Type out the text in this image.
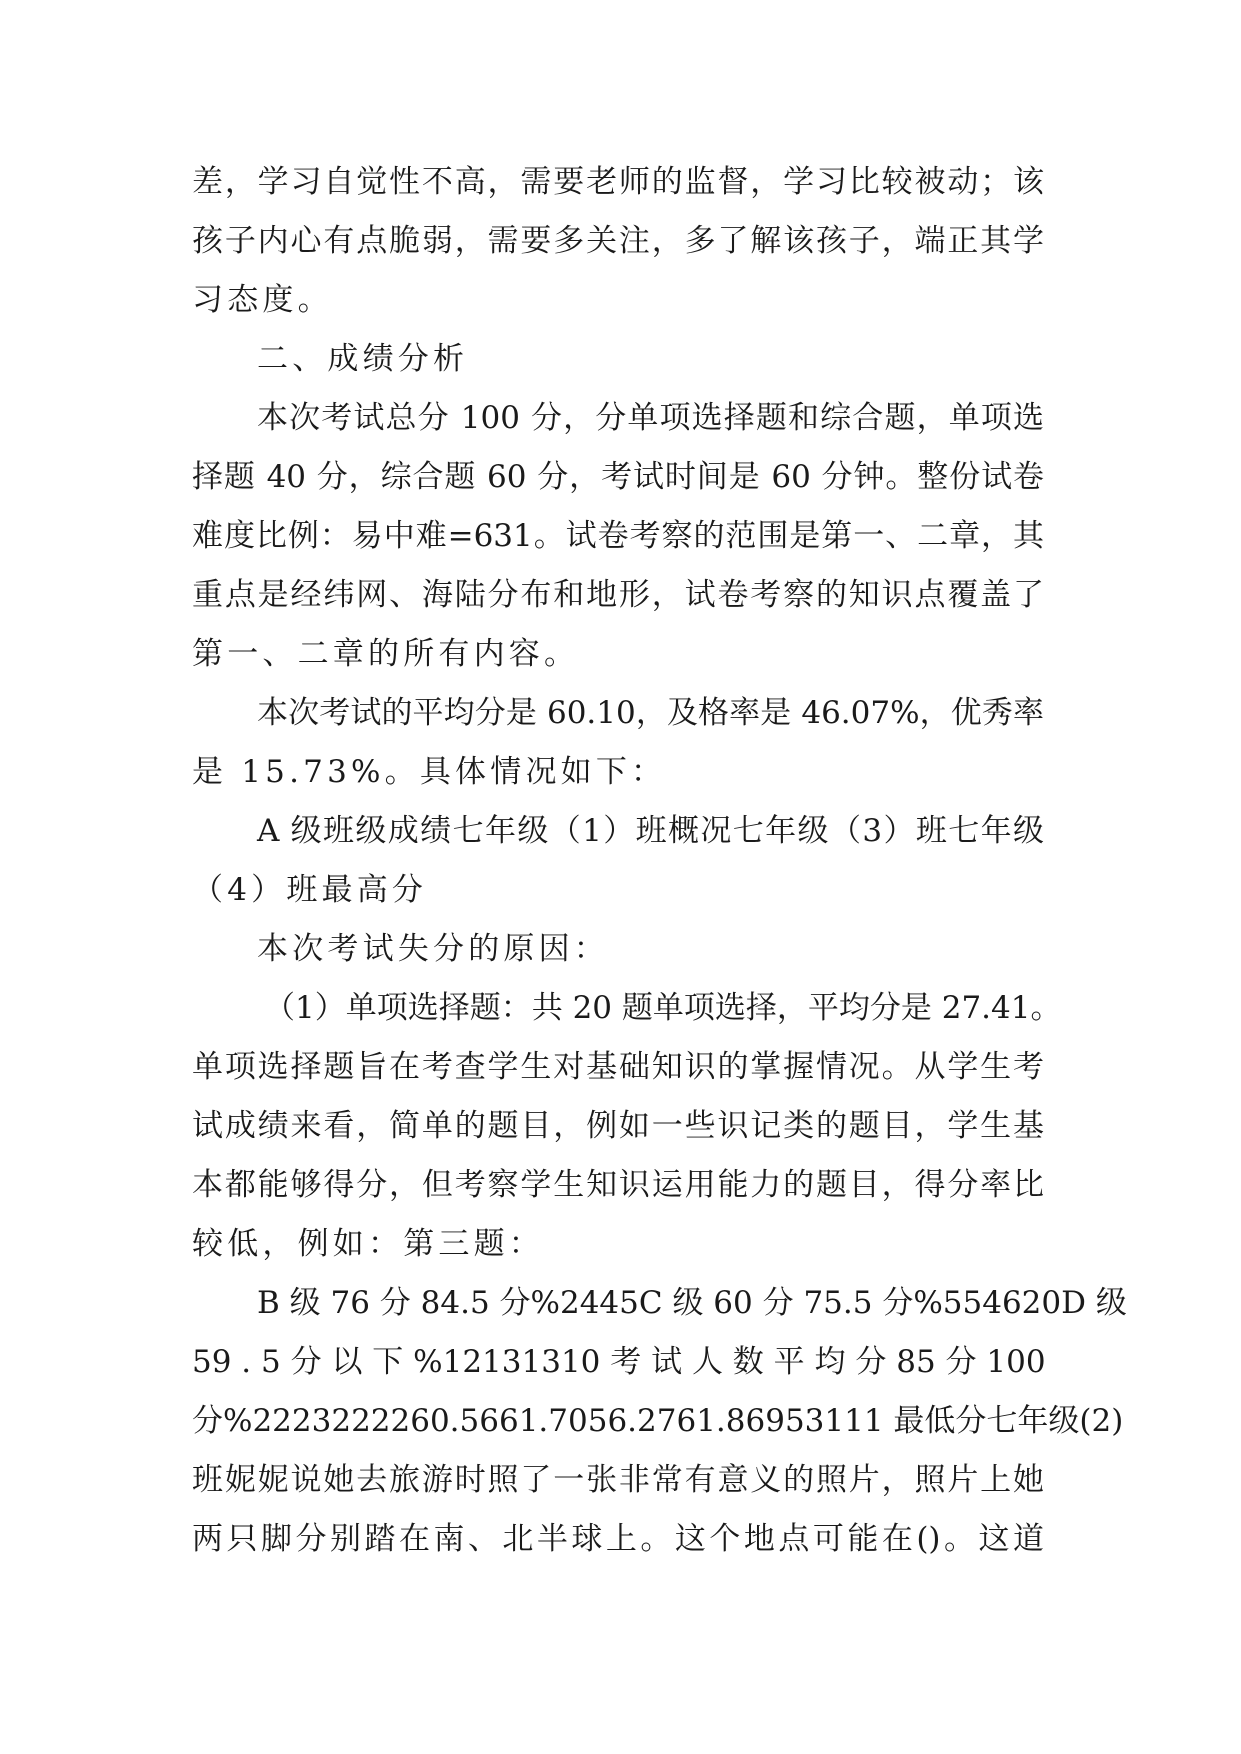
差，学习自觉性不高，需要老师的监督，学习比较被动；该
孩子内心有点脆弱，需要多关注，多了解该孩子，端正其学
习态度。
二、成绩分析
本次考试总分 100 分，分单项选择题和综合题，单项选
择题 40 分，综合题 60 分，考试时间是 60 分钟。整份试卷
难度比例：易中难=631。试卷考察的范围是第一、二章，其
重点是经纬网、海陆分布和地形，试卷考察的知识点覆盖了
第一、二章的所有内容。
本次考试的平均分是 60.10，及格率是 46.07%，优秀率
是 15.73%。具体情况如下：
A 级班级成绩七年级（1）班概况七年级（3）班七年级
（4）班最高分
本次考试失分的原因：
（1）单项选择题：共 20 题单项选择，平均分是 27.41。
单项选择题旨在考查学生对基础知识的掌握情况。从学生考
试成绩来看，简单的题目，例如一些识记类的题目，学生基
本都能够得分，但考察学生知识运用能力的题目，得分率比
较低，例如：第三题：
B 级 76 分 84.5 分%2445C 级 60 分 75.5 分%554620D 级
59 . 5 分 以 下 %12131310 考 试 人 数 平 均 分 85 分 100
分%2223222260.5661.7056.2761.86953111 最低分七年级(2)
班妮妮说她去旅游时照了一张非常有意义的照片，照片上她
两只脚分别踏在南、北半球上。这个地点可能在()。这道
